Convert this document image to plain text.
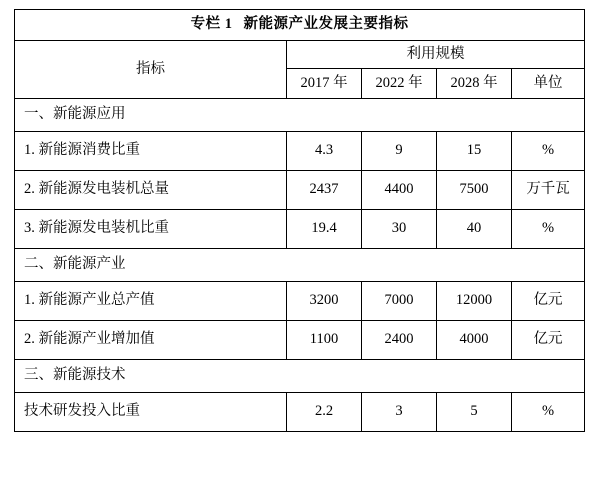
专栏 1 新能源产业发展主要指标				
指标	利用规模			
	2017 年	2022 年	2028 年	单位
一、新能源应用				
1. 新能源消费比重	4.3	9	15	%
2. 新能源发电装机总量	2437	4400	7500	万千瓦
3. 新能源发电装机比重	19.4	30	40	%
二、新能源产业				
1. 新能源产业总产值	3200	7000	12000	亿元
2. 新能源产业增加值	1100	2400	4000	亿元
三、新能源技术				
技术研发投入比重	2.2	3	5	%
